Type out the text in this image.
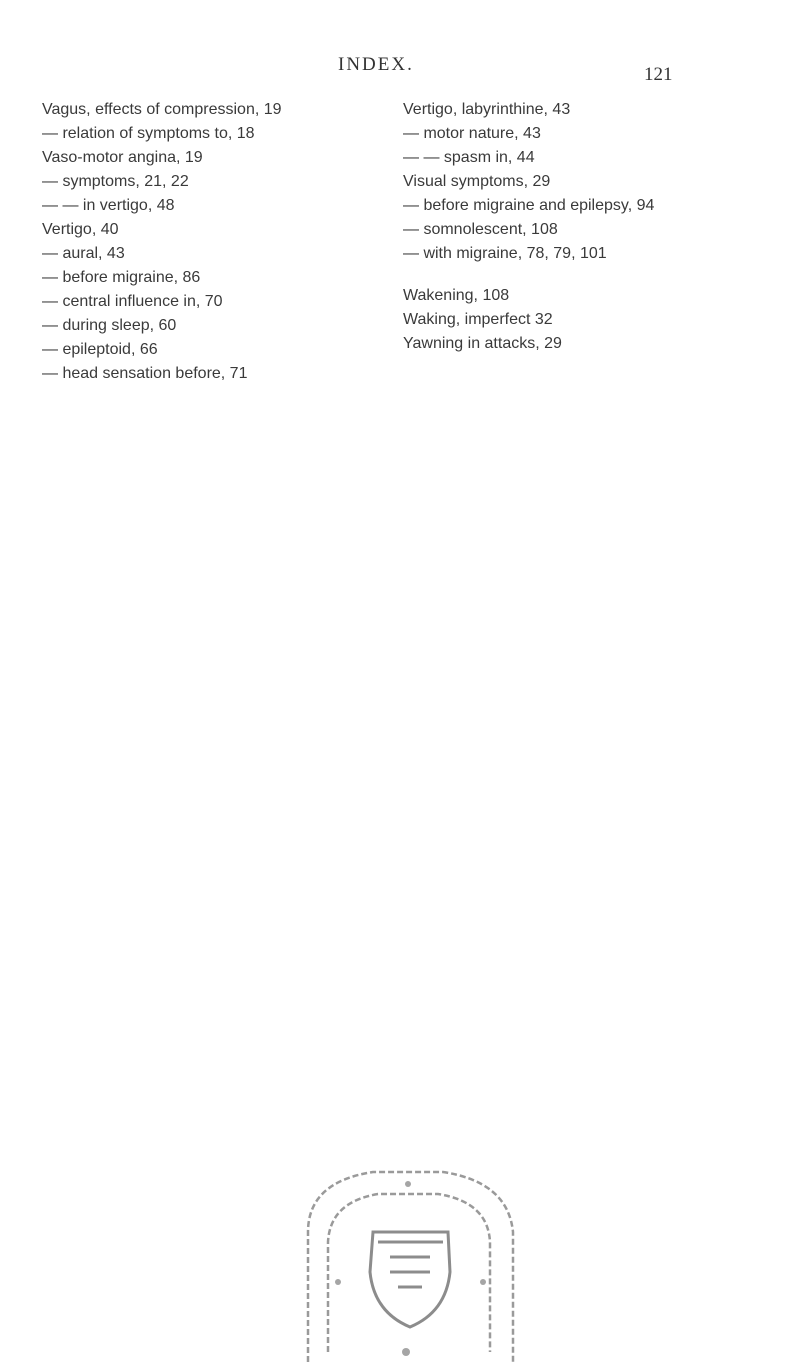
INDEX.	121
Vagus, effects of compression, 19
— relation of symptoms to, 18
Vaso-motor angina, 19
— symptoms, 21, 22
— — in vertigo, 48
Vertigo, 40
— aural, 43
— before migraine, 86
— central influence in, 70
— during sleep, 60
— epileptoid, 66
— head sensation before, 71
Vertigo, labyrinthine, 43
— motor nature, 43
— — spasm in, 44
Visual symptoms, 29
— before migraine and epilepsy, 94
— somnolescent, 108
— with migraine, 78, 79, 101
Wakening, 108
Waking, imperfect 32
Yawning in attacks, 29
